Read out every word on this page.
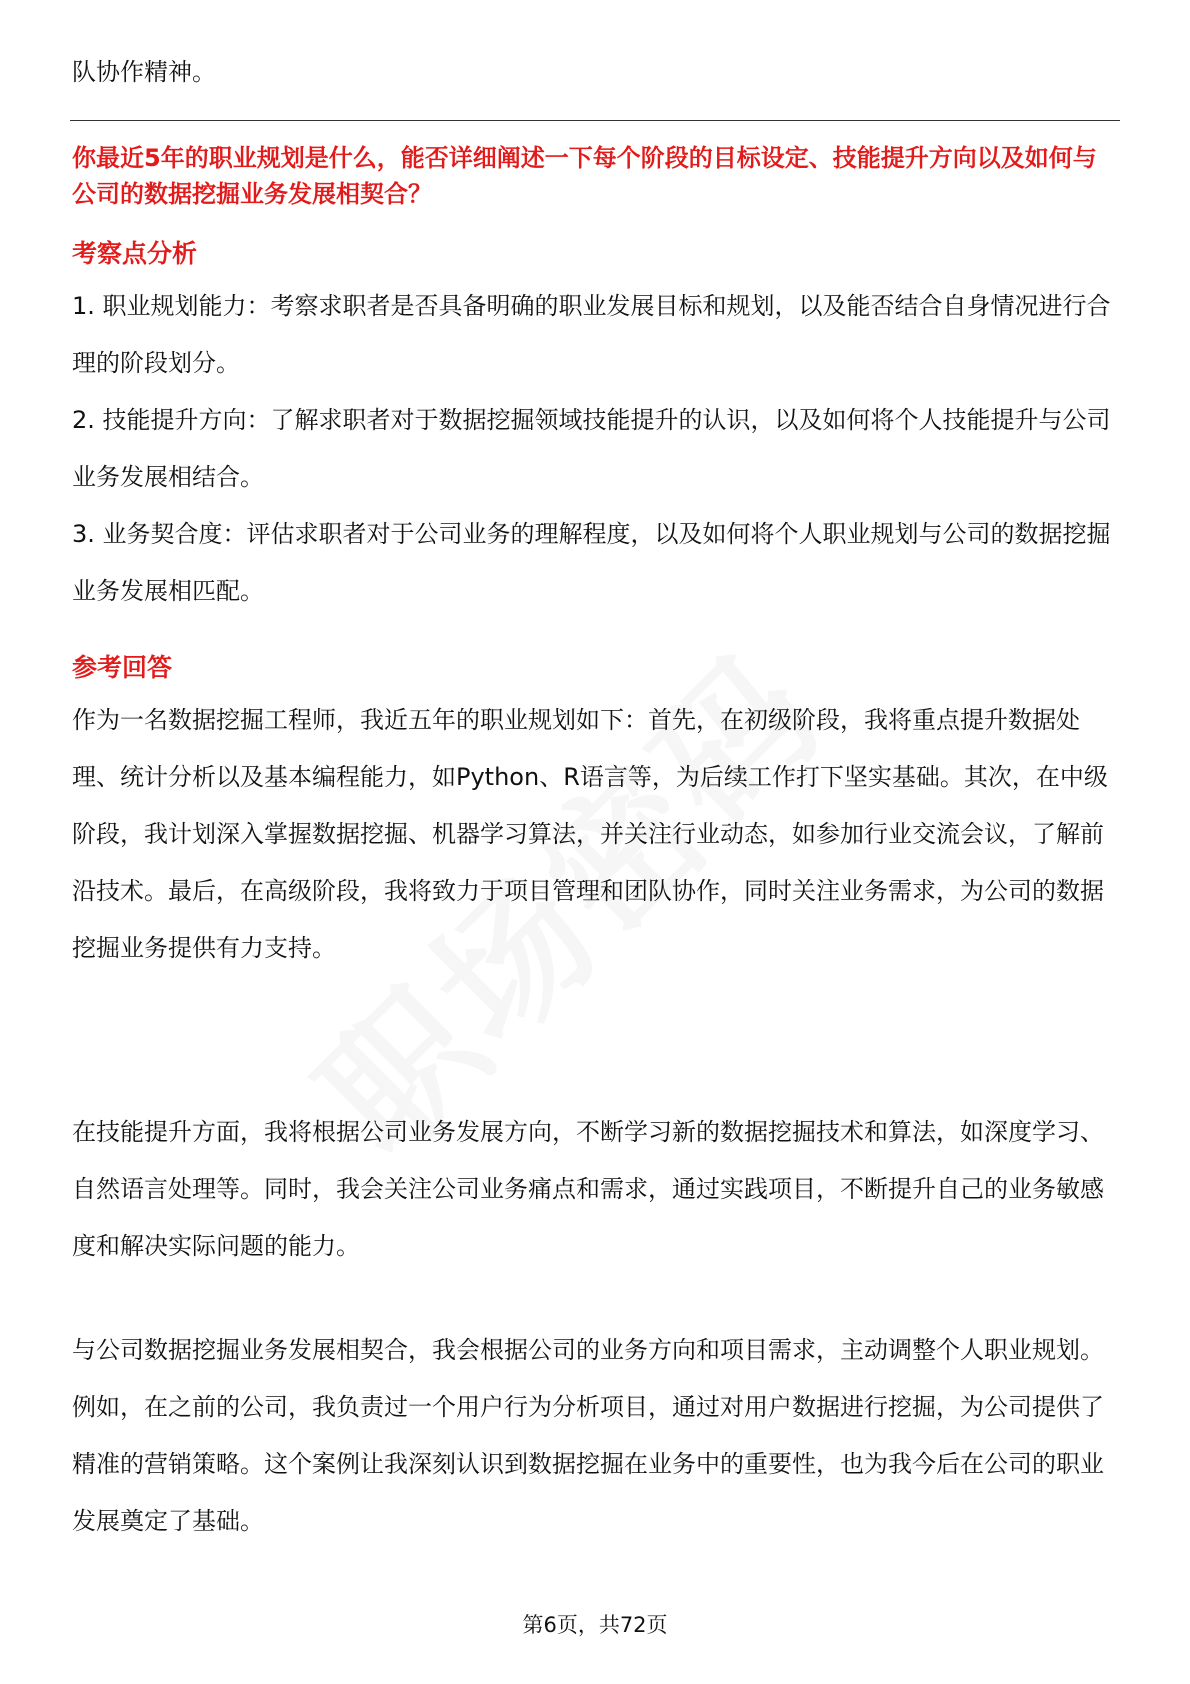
队协作精神。

你最近5年的职业规划是什么，能否详细阐述一下每个阶段的目标设定、技能提升方向以及如何与公司的数据挖掘业务发展相契合？

考察点分析

1. 职业规划能力：考察求职者是否具备明确的职业发展目标和规划，以及能否结合自身情况进行合理的阶段划分。

2. 技能提升方向：了解求职者对于数据挖掘领域技能提升的认识，以及如何将个人技能提升与公司业务发展相结合。

3. 业务契合度：评估求职者对于公司业务的理解程度，以及如何将个人职业规划与公司的数据挖掘业务发展相匹配。

参考回答

作为一名数据挖掘工程师，我近五年的职业规划如下：首先，在初级阶段，我将重点提升数据处理、统计分析以及基本编程能力，如Python、R语言等，为后续工作打下坚实基础。其次，在中级阶段，我计划深入掌握数据挖掘、机器学习算法，并关注行业动态，如参加行业交流会议，了解前沿技术。最后，在高级阶段，我将致力于项目管理和团队协作，同时关注业务需求，为公司的数据挖掘业务提供有力支持。

在技能提升方面，我将根据公司业务发展方向，不断学习新的数据挖掘技术和算法，如深度学习、自然语言处理等。同时，我会关注公司业务痛点和需求，通过实践项目，不断提升自己的业务敏感度和解决实际问题的能力。

与公司数据挖掘业务发展相契合，我会根据公司的业务方向和项目需求，主动调整个人职业规划。例如，在之前的公司，我负责过一个用户行为分析项目，通过对用户数据进行挖掘，为公司提供了精准的营销策略。这个案例让我深刻认识到数据挖掘在业务中的重要性，也为我今后在公司的职业发展奠定了基础。

第6页，共72页
